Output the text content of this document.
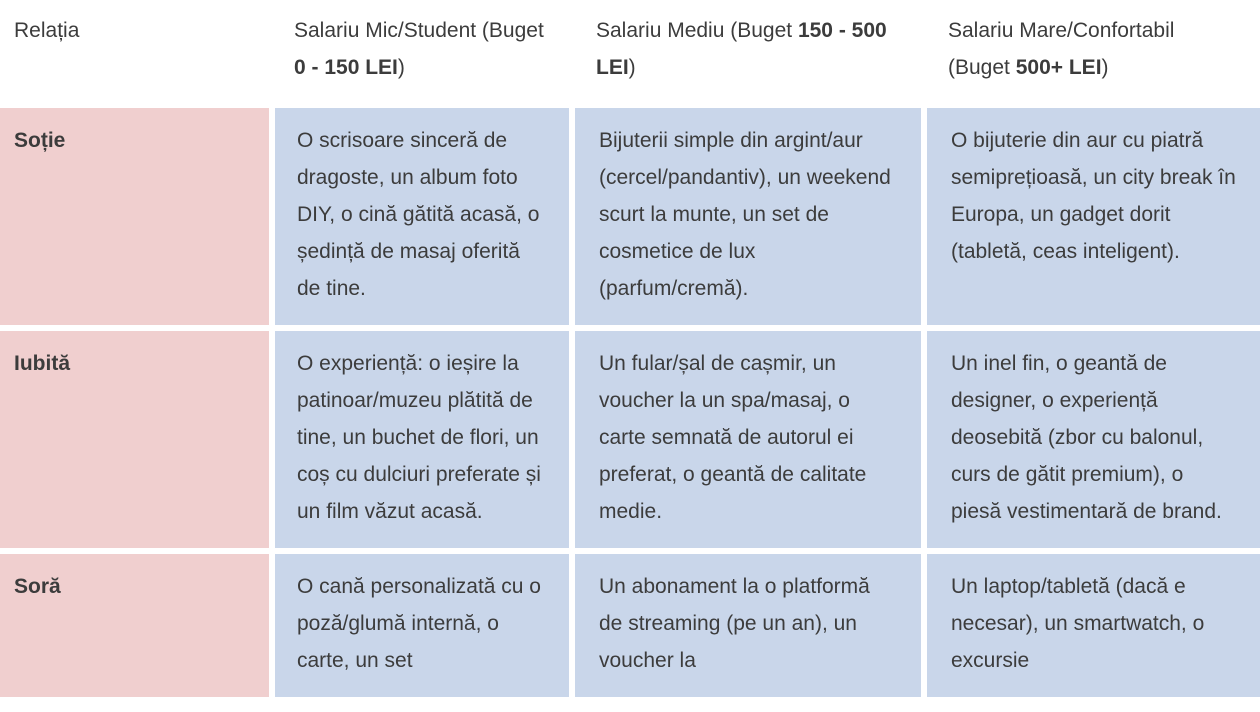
Relația	Salariu Mic/Student (Buget 0 - 150 LEI)	Salariu Mediu (Buget 150 - 500 LEI)	Salariu Mare/Confortabil (Buget 500+ LEI)
Soție	O scrisoare sinceră de dragoste, un album foto DIY, o cină gătită acasă, o ședință de masaj oferită de tine.	Bijuterii simple din argint/aur (cercel/pandantiv), un weekend scurt la munte, un set de cosmetice de lux (parfum/cremă).	O bijuterie din aur cu piatră semiprețioasă, un city break în Europa, un gadget dorit (tabletă, ceas inteligent).
Iubită	O experiență: o ieșire la patinoar/muzeu plătită de tine, un buchet de flori, un coș cu dulciuri preferate și un film văzut acasă.	Un fular/șal de cașmir, un voucher la un spa/masaj, o carte semnată de autorul ei preferat, o geantă de calitate medie.	Un inel fin, o geantă de designer, o experiență deosebită (zbor cu balonul, curs de gătit premium), o piesă vestimentară de brand.
Soră	O cană personalizată cu o poză/glumă internă, o carte, un set	Un abonament la o platformă de streaming (pe un an), un voucher la	Un laptop/tabletă (dacă e necesar), un smartwatch, o excursie
